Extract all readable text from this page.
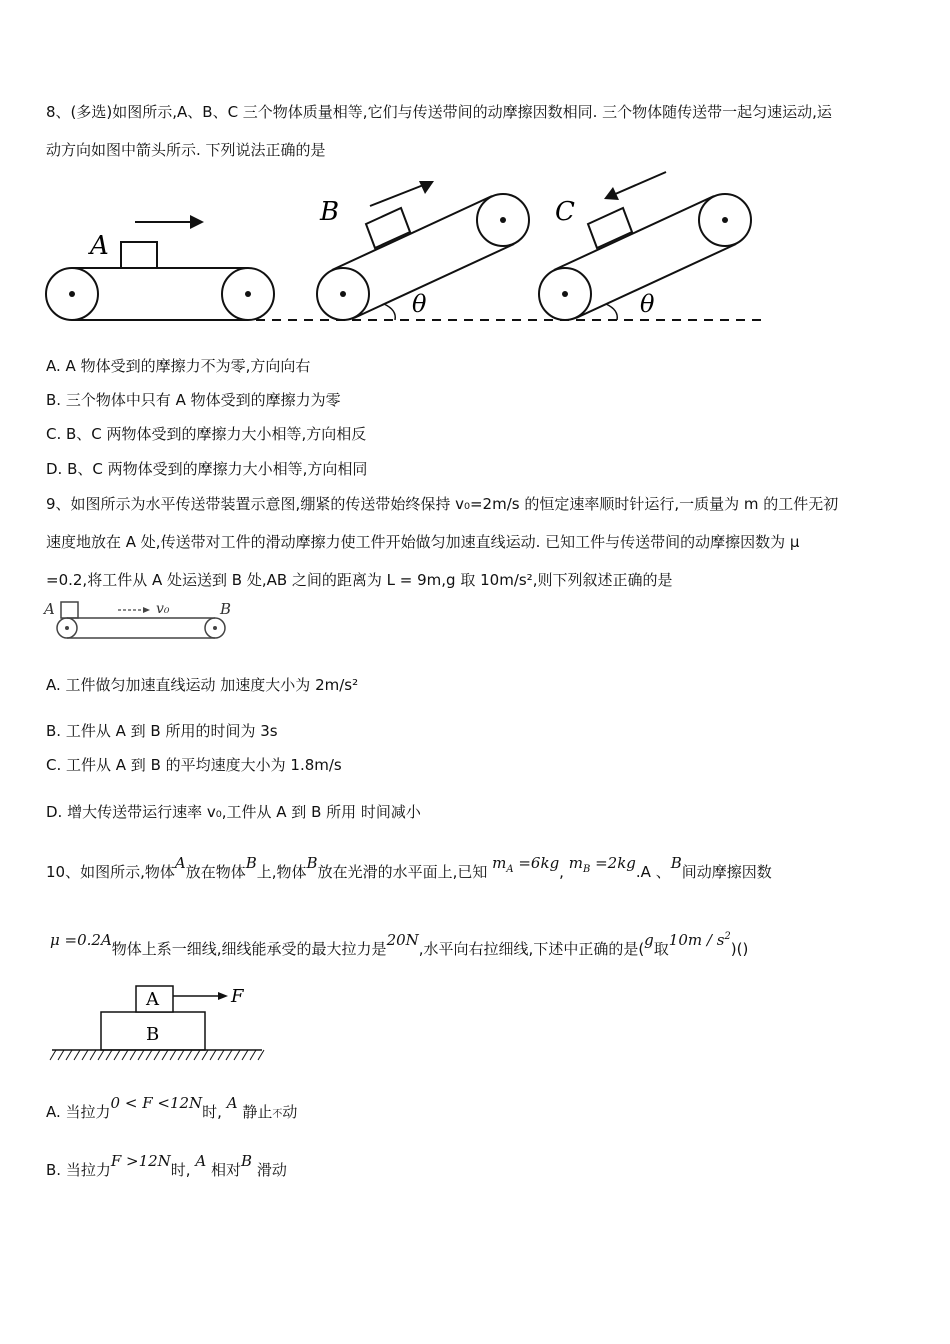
8、(多选)如图所示,A、B、C 三个物体质量相等,它们与传送带间的动摩擦因数相同. 三个物体随传送带一起匀速运动,运
动方向如图中箭头所示. 下列说法正确的是
A
B
θ
C
θ
A. A 物体受到的摩擦力不为零,方向向右
B. 三个物体中只有 A 物体受到的摩擦力为零
C. B、C 两物体受到的摩擦力大小相等,方向相反
D. B、C 两物体受到的摩擦力大小相等,方向相同
9、如图所示为水平传送带装置示意图,绷紧的传送带始终保持 v₀=2m/s 的恒定速率顺时针运行,一质量为 m 的工件无初
速度地放在 A 处,传送带对工件的滑动摩擦力使工件开始做匀加速直线运动. 已知工件与传送带间的动摩擦因数为 μ
=0.2,将工件从 A 处运送到 B 处,AB 之间的距离为 L = 9m,g 取 10m/s²,则下列叙述正确的是
A	v₀	B
A. 工件做匀加速直线运动 加速度大小为 2m/s²
B. 工件从 A 到 B 所用的时间为 3s
C. 工件从 A 到 B 的平均速度大小为 1.8m/s
D. 增大传送带运行速率 v₀,工件从 A 到 B 所用 时间减小
10、如图所示,物体A放在物体B上,物体B放在光滑的水平面上,已知 $m_A =6kg$, $m_B =2kg.A$ 、B间动摩擦因数
μ =0.2A物体上系一细线,细线能承受的最大拉力是20N,水平向右拉细线,下述中正确的是(g取$10m / s^2)()$
A
B
F
A. 当拉力0 < F <12N时, A 静止不动
B. 当拉力F >12N时, A 相对B 滑动
